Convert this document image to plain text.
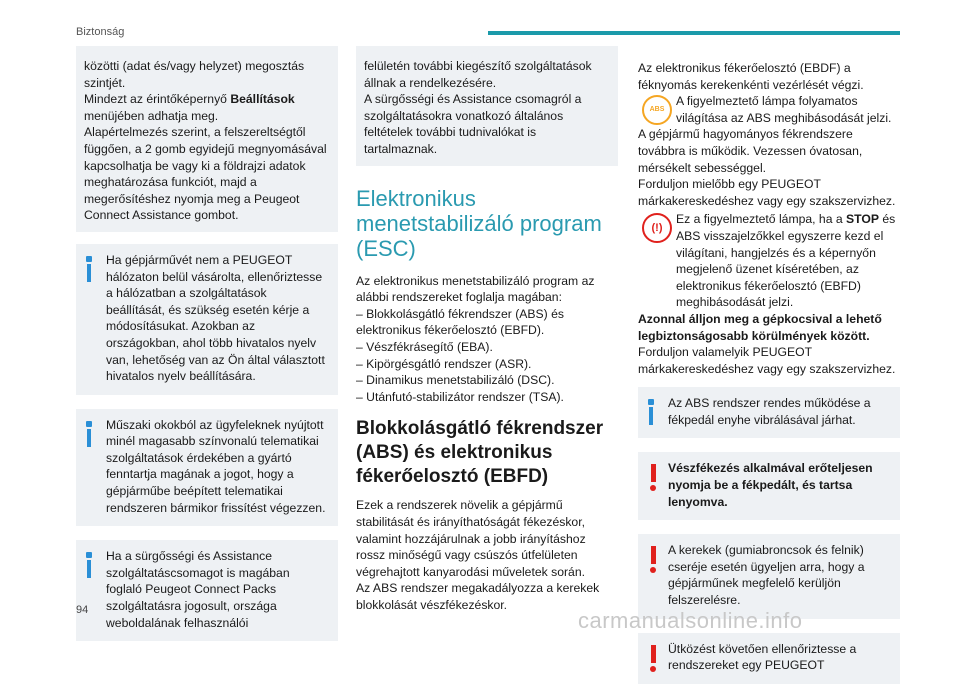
Biztonság

közötti (adat és/vagy helyzet) megosztás szintjét.

Mindezt az érintőképernyő Beállítások menüjében adhatja meg.

Alapértelmezés szerint, a felszereltségtől függően, a 2 gomb egyidejű megnyomásával kapcsolhatja be vagy ki a földrajzi adatok meghatározása funkciót, majd a megerősítéshez nyomja meg a Peugeot Connect Assistance gombot.

Ha gépjárművét nem a PEUGEOT hálózaton belül vásárolta, ellenőriztesse a hálózatban a szolgáltatások beállítását, és szükség esetén kérje a módosításukat. Azokban az országokban, ahol több hivatalos nyelv van, lehetőség van az Ön által választott hivatalos nyelv beállítására.

Műszaki okokból az ügyfeleknek nyújtott minél magasabb színvonalú telematikai szolgáltatások érdekében a gyártó fenntartja magának a jogot, hogy a gépjárműbe beépített telematikai rendszeren bármikor frissítést végezzen.

Ha a sürgősségi és Assistance szolgáltatáscsomagot is magában foglaló Peugeot Connect Packs szolgáltatásra jogosult, országa weboldalának felhasználói

felületén további kiegészítő szolgáltatások állnak a rendelkezésére.

A sürgősségi és Assistance csomagról a szolgáltatásokra vonatkozó általános feltételek további tudnivalókat is tartalmaznak.

Elektronikus menetstabilizáló program (ESC)

Az elektronikus menetstabilizáló program az alábbi rendszereket foglalja magában:

– Blokkolásgátló fékrendszer (ABS) és elektronikus fékerőelosztó (EBFD).

– Vészfékrásegítő (EBA).

– Kipörgésgátló rendszer (ASR).

– Dinamikus menetstabilizáló (DSC).

– Utánfutó-stabilizátor rendszer (TSA).

Blokkolásgátló fékrendszer (ABS) és elektronikus fékerőelosztó (EBFD)

Ezek a rendszerek növelik a gépjármű stabilitását és irányíthatóságát fékezéskor, valamint hozzájárulnak a jobb irányításhoz rossz minőségű vagy csúszós útfelületen végrehajtott kanyarodási műveletek során.

Az ABS rendszer megakadályozza a kerekek blokkolását vészfékezéskor.

Az elektronikus fékerőelosztó (EBDF) a féknyomás kerekenkénti vezérlését végzi.

ABS

A figyelmeztető lámpa folyamatos világítása az ABS meghibásodását jelzi.

A gépjármű hagyományos fékrendszere továbbra is működik. Vezessen óvatosan, mérsékelt sebességgel.

Forduljon mielőbb egy PEUGEOT márkakereskedéshez vagy egy szakszervizhez.

(!)

Ez a figyelmeztető lámpa, ha a STOP és ABS visszajelzőkkel egyszerre kezd el világítani, hangjelzés és a képernyőn megjelenő üzenet kíséretében, az elektronikus fékerőelosztó (EBFD) meghibásodását jelzi.

Azonnal álljon meg a gépkocsival a lehető legbiztonságosabb körülmények között.

Forduljon valamelyik PEUGEOT márkakereskedéshez vagy egy szakszervizhez.

Az ABS rendszer rendes működése a fékpedál enyhe vibrálásával járhat.

Vészfékezés alkalmával erőteljesen nyomja be a fékpedált, és tartsa lenyomva.

A kerekek (gumiabroncsok és felnik) cseréje esetén ügyeljen arra, hogy a gépjárműnek megfelelő kerüljön felszerelésre.

Ütközést követően ellenőriztesse a rendszereket egy PEUGEOT

94	carmanualsonline.info
